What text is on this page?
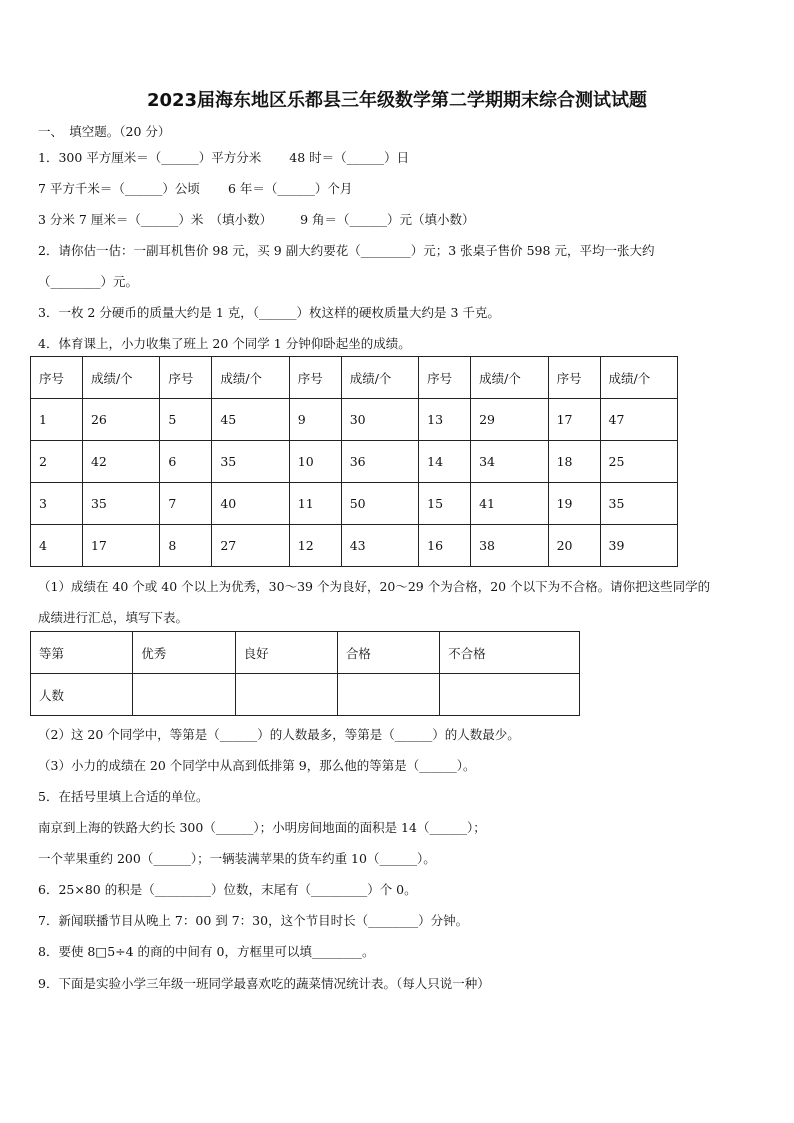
2023届海东地区乐都县三年级数学第二学期期末综合测试试题
一、　填空题。（20 分）
1．300 平方厘米＝（______）平方分米 48 时＝（______）日
7 平方千米＝（______）公顷 6 年＝（______）个月
3 分米 7 厘米＝（______）米　（填小数） 9 角＝（______）元（填小数）
2．请你估一估：一副耳机售价 98 元，买 9 副大约要花（________）元；3 张桌子售价 598 元，平均一张大约
（________）元。
3．一枚 2 分硬币的质量大约是 1 克，（______）枚这样的硬枚质量大约是 3 千克。
4．体育课上，小力收集了班上 20 个同学 1 分钟仰卧起坐的成绩。
序号	成绩/个	序号	成绩/个	序号	成绩/个	序号	成绩/个	序号	成绩/个
1	26	5	45	9	30	13	29	17	47
2	42	6	35	10	36	14	34	18	25
3	35	7	40	11	50	15	41	19	35
4	17	8	27	12	43	16	38	20	39
（1）成绩在 40 个或 40 个以上为优秀，30～39 个为良好，20～29 个为合格，20 个以下为不合格。请你把这些同学的
成绩进行汇总，填写下表。
等第	优秀	良好	合格	不合格
人数				
（2）这 20 个同学中，等第是（______）的人数最多，等第是（______）的人数最少。
（3）小力的成绩在 20 个同学中从高到低排第 9，那么他的等第是（______）。
5．在括号里填上合适的单位。
南京到上海的铁路大约长 300（______）；小明房间地面的面积是 14（______）；
一个苹果重约 200（______）；一辆装满苹果的货车约重 10（______）。
6．25×80 的积是（_________）位数，末尾有（_________）个 0。
7．新闻联播节目从晚上 7：00 到 7：30，这个节目时长（________）分钟。
8．要使 8□5÷4 的商的中间有 0，方框里可以填________。
9．下面是实验小学三年级一班同学最喜欢吃的蔬菜情况统计表。（每人只说一种）
